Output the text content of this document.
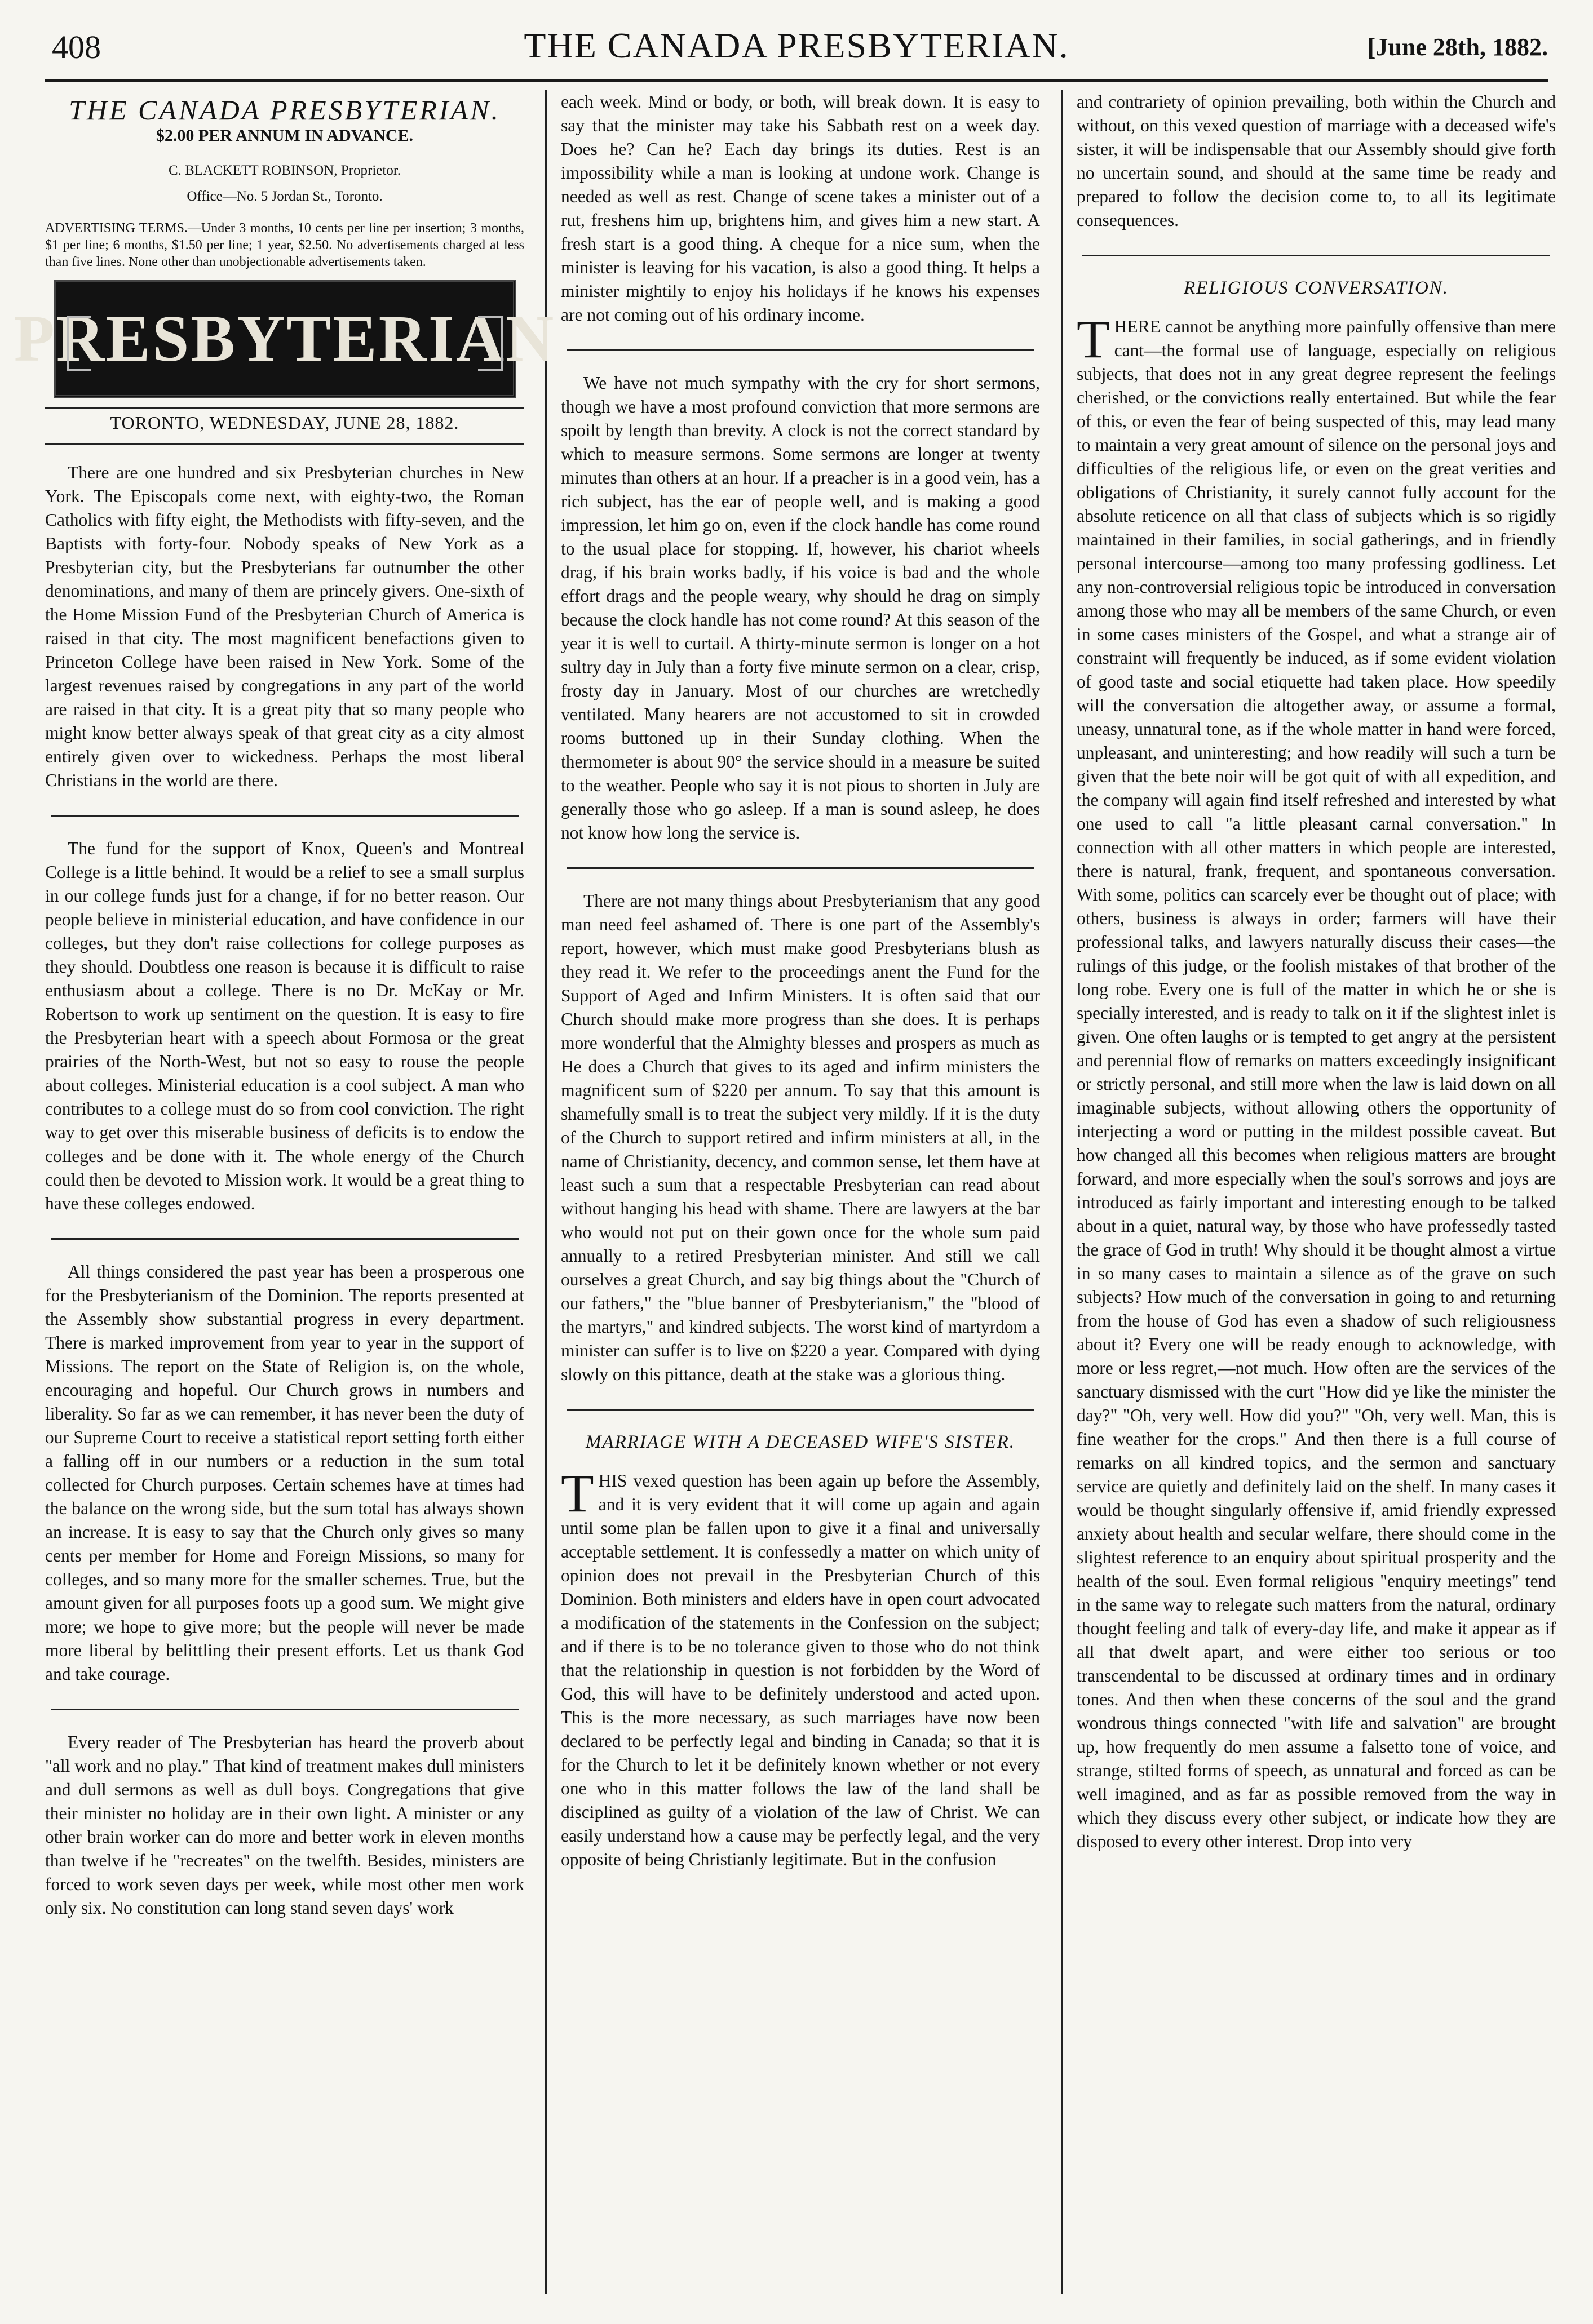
408	THE CANADA PRESBYTERIAN.	[June 28th, 1882.
THE CANADA PRESBYTERIAN.
$2.00 PER ANNUM IN ADVANCE.
C. BLACKETT ROBINSON, Proprietor.
Office—No. 5 Jordan St., Toronto.
ADVERTISING TERMS.—Under 3 months, 10 cents per line per insertion; 3 months, $1 per line; 6 months, $1.50 per line; 1 year, $2.50. No advertisements charged at less than five lines. None other than unobjectionable advertisements taken.
PRESBYTERIAN
TORONTO, WEDNESDAY, JUNE 28, 1882.

There are one hundred and six Presbyterian churches in New York. The Episcopals come next, with eighty-two, the Roman Catholics with fifty eight, the Methodists with fifty-seven, and the Baptists with forty-four. Nobody speaks of New York as a Presbyterian city, but the Presbyterians far outnumber the other denominations, and many of them are princely givers. One-sixth of the Home Mission Fund of the Presbyterian Church of America is raised in that city. The most magnificent benefactions given to Princeton College have been raised in New York. Some of the largest revenues raised by congregations in any part of the world are raised in that city. It is a great pity that so many people who might know better always speak of that great city as a city almost entirely given over to wickedness. Perhaps the most liberal Christians in the world are there.

The fund for the support of Knox, Queen's and Montreal College is a little behind. It would be a relief to see a small surplus in our college funds just for a change, if for no better reason. Our people believe in ministerial education, and have confidence in our colleges, but they don't raise collections for college purposes as they should. Doubtless one reason is because it is difficult to raise enthusiasm about a college. There is no Dr. McKay or Mr. Robertson to work up sentiment on the question. It is easy to fire the Presbyterian heart with a speech about Formosa or the great prairies of the North-West, but not so easy to rouse the people about colleges. Ministerial education is a cool subject. A man who contributes to a college must do so from cool conviction. The right way to get over this miserable business of deficits is to endow the colleges and be done with it. The whole energy of the Church could then be devoted to Mission work. It would be a great thing to have these colleges endowed.

All things considered the past year has been a prosperous one for the Presbyterianism of the Dominion. The reports presented at the Assembly show substantial progress in every department. There is marked improvement from year to year in the support of Missions. The report on the State of Religion is, on the whole, encouraging and hopeful. Our Church grows in numbers and liberality. So far as we can remember, it has never been the duty of our Supreme Court to receive a statistical report setting forth either a falling off in our numbers or a reduction in the sum total collected for Church purposes. Certain schemes have at times had the balance on the wrong side, but the sum total has always shown an increase. It is easy to say that the Church only gives so many cents per member for Home and Foreign Missions, so many for colleges, and so many more for the smaller schemes. True, but the amount given for all purposes foots up a good sum. We might give more; we hope to give more; but the people will never be made more liberal by belittling their present efforts. Let us thank God and take courage.

Every reader of The Presbyterian has heard the proverb about "all work and no play." That kind of treatment makes dull ministers and dull sermons as well as dull boys. Congregations that give their minister no holiday are in their own light. A minister or any other brain worker can do more and better work in eleven months than twelve if he "recreates" on the twelfth. Besides, ministers are forced to work seven days per week, while most other men work only six. No constitution can long stand seven days' work

each week. Mind or body, or both, will break down. It is easy to say that the minister may take his Sabbath rest on a week day. Does he? Can he? Each day brings its duties. Rest is an impossibility while a man is looking at undone work. Change is needed as well as rest. Change of scene takes a minister out of a rut, freshens him up, brightens him, and gives him a new start. A fresh start is a good thing. A cheque for a nice sum, when the minister is leaving for his vacation, is also a good thing. It helps a minister mightily to enjoy his holidays if he knows his expenses are not coming out of his ordinary income.

We have not much sympathy with the cry for short sermons, though we have a most profound conviction that more sermons are spoilt by length than brevity. A clock is not the correct standard by which to measure sermons. Some sermons are longer at twenty minutes than others at an hour. If a preacher is in a good vein, has a rich subject, has the ear of people well, and is making a good impression, let him go on, even if the clock handle has come round to the usual place for stopping. If, however, his chariot wheels drag, if his brain works badly, if his voice is bad and the whole effort drags and the people weary, why should he drag on simply because the clock handle has not come round? At this season of the year it is well to curtail. A thirty-minute sermon is longer on a hot sultry day in July than a forty five minute sermon on a clear, crisp, frosty day in January. Most of our churches are wretchedly ventilated. Many hearers are not accustomed to sit in crowded rooms buttoned up in their Sunday clothing. When the thermometer is about 90° the service should in a measure be suited to the weather. People who say it is not pious to shorten in July are generally those who go asleep. If a man is sound asleep, he does not know how long the service is.

There are not many things about Presbyterianism that any good man need feel ashamed of. There is one part of the Assembly's report, however, which must make good Presbyterians blush as they read it. We refer to the proceedings anent the Fund for the Support of Aged and Infirm Ministers. It is often said that our Church should make more progress than she does. It is perhaps more wonderful that the Almighty blesses and prospers as much as He does a Church that gives to its aged and infirm ministers the magnificent sum of $220 per annum. To say that this amount is shamefully small is to treat the subject very mildly. If it is the duty of the Church to support retired and infirm ministers at all, in the name of Christianity, decency, and common sense, let them have at least such a sum that a respectable Presbyterian can read about without hanging his head with shame. There are lawyers at the bar who would not put on their gown once for the whole sum paid annually to a retired Presbyterian minister. And still we call ourselves a great Church, and say big things about the "Church of our fathers," the "blue banner of Presbyterianism," the "blood of the martyrs," and kindred subjects. The worst kind of martyrdom a minister can suffer is to live on $220 a year. Compared with dying slowly on this pittance, death at the stake was a glorious thing.

MARRIAGE WITH A DECEASED WIFE'S SISTER.

THIS vexed question has been again up before the Assembly, and it is very evident that it will come up again and again until some plan be fallen upon to give it a final and universally acceptable settlement. It is confessedly a matter on which unity of opinion does not prevail in the Presbyterian Church of this Dominion. Both ministers and elders have in open court advocated a modification of the statements in the Confession on the subject; and if there is to be no tolerance given to those who do not think that the relationship in question is not forbidden by the Word of God, this will have to be definitely understood and acted upon. This is the more necessary, as such marriages have now been declared to be perfectly legal and binding in Canada; so that it is for the Church to let it be definitely known whether or not every one who in this matter follows the law of the land shall be disciplined as guilty of a violation of the law of Christ. We can easily understand how a cause may be perfectly legal, and the very opposite of being Christianly legitimate. But in the confusion

and contrariety of opinion prevailing, both within the Church and without, on this vexed question of marriage with a deceased wife's sister, it will be indispensable that our Assembly should give forth no uncertain sound, and should at the same time be ready and prepared to follow the decision come to, to all its legitimate consequences.

RELIGIOUS CONVERSATION.

THERE cannot be anything more painfully offensive than mere cant—the formal use of language, especially on religious subjects, that does not in any great degree represent the feelings cherished, or the convictions really entertained. But while the fear of this, or even the fear of being suspected of this, may lead many to maintain a very great amount of silence on the personal joys and difficulties of the religious life, or even on the great verities and obligations of Christianity, it surely cannot fully account for the absolute reticence on all that class of subjects which is so rigidly maintained in their families, in social gatherings, and in friendly personal intercourse—among too many professing godliness. Let any non-controversial religious topic be introduced in conversation among those who may all be members of the same Church, or even in some cases ministers of the Gospel, and what a strange air of constraint will frequently be induced, as if some evident violation of good taste and social etiquette had taken place. How speedily will the conversation die altogether away, or assume a formal, uneasy, unnatural tone, as if the whole matter in hand were forced, unpleasant, and uninteresting; and how readily will such a turn be given that the bete noir will be got quit of with all expedition, and the company will again find itself refreshed and interested by what one used to call "a little pleasant carnal conversation." In connection with all other matters in which people are interested, there is natural, frank, frequent, and spontaneous conversation. With some, politics can scarcely ever be thought out of place; with others, business is always in order; farmers will have their professional talks, and lawyers naturally discuss their cases—the rulings of this judge, or the foolish mistakes of that brother of the long robe. Every one is full of the matter in which he or she is specially interested, and is ready to talk on it if the slightest inlet is given. One often laughs or is tempted to get angry at the persistent and perennial flow of remarks on matters exceedingly insignificant or strictly personal, and still more when the law is laid down on all imaginable subjects, without allowing others the opportunity of interjecting a word or putting in the mildest possible caveat. But how changed all this becomes when religious matters are brought forward, and more especially when the soul's sorrows and joys are introduced as fairly important and interesting enough to be talked about in a quiet, natural way, by those who have professedly tasted the grace of God in truth! Why should it be thought almost a virtue in so many cases to maintain a silence as of the grave on such subjects? How much of the conversation in going to and returning from the house of God has even a shadow of such religiousness about it? Every one will be ready enough to acknowledge, with more or less regret,—not much. How often are the services of the sanctuary dismissed with the curt "How did ye like the minister the day?" "Oh, very well. How did you?" "Oh, very well. Man, this is fine weather for the crops." And then there is a full course of remarks on all kindred topics, and the sermon and sanctuary service are quietly and definitely laid on the shelf. In many cases it would be thought singularly offensive if, amid friendly expressed anxiety about health and secular welfare, there should come in the slightest reference to an enquiry about spiritual prosperity and the health of the soul. Even formal religious "enquiry meetings" tend in the same way to relegate such matters from the natural, ordinary thought feeling and talk of every-day life, and make it appear as if all that dwelt apart, and were either too serious or too transcendental to be discussed at ordinary times and in ordinary tones. And then when these concerns of the soul and the grand wondrous things connected "with life and salvation" are brought up, how frequently do men assume a falsetto tone of voice, and strange, stilted forms of speech, as unnatural and forced as can be well imagined, and as far as possible removed from the way in which they discuss every other subject, or indicate how they are disposed to every other interest. Drop into very
